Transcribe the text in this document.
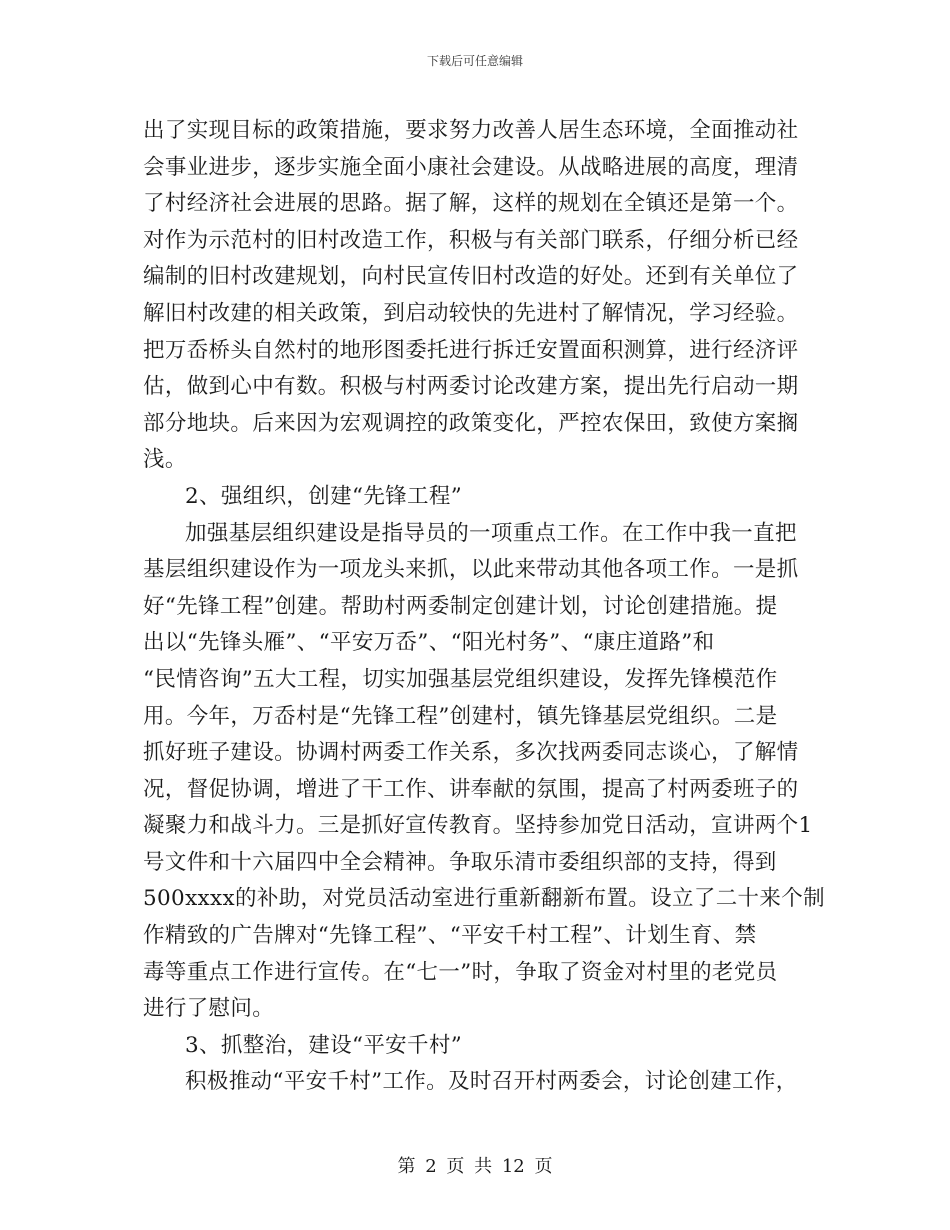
下载后可任意编辑
出了实现目标的政策措施，要求努力改善人居生态环境，全面推动社
会事业进步，逐步实施全面小康社会建设。从战略进展的高度，理清
了村经济社会进展的思路。据了解，这样的规划在全镇还是第一个。
对作为示范村的旧村改造工作，积极与有关部门联系，仔细分析已经
编制的旧村改建规划，向村民宣传旧村改造的好处。还到有关单位了
解旧村改建的相关政策，到启动较快的先进村了解情况，学习经验。
把万岙桥头自然村的地形图委托进行拆迁安置面积测算，进行经济评
估，做到心中有数。积极与村两委讨论改建方案，提出先行启动一期
部分地块。后来因为宏观调控的政策变化，严控农保田，致使方案搁
浅。
2、强组织，创建“先锋工程”
加强基层组织建设是指导员的一项重点工作。在工作中我一直把
基层组织建设作为一项龙头来抓，以此来带动其他各项工作。一是抓
好“先锋工程”创建。帮助村两委制定创建计划，讨论创建措施。提
出以“先锋头雁”、“平安万岙”、“阳光村务”、“康庄道路”和
“民情咨询”五大工程，切实加强基层党组织建设，发挥先锋模范作
用。今年，万岙村是“先锋工程”创建村，镇先锋基层党组织。二是
抓好班子建设。协调村两委工作关系，多次找两委同志谈心，了解情
况，督促协调，增进了干工作、讲奉献的氛围，提高了村两委班子的
凝聚力和战斗力。三是抓好宣传教育。坚持参加党日活动，宣讲两个1
号文件和十六届四中全会精神。争取乐清市委组织部的支持，得到
500xxxx的补助，对党员活动室进行重新翻新布置。设立了二十来个制
作精致的广告牌对“先锋工程”、“平安千村工程”、计划生育、禁
毒等重点工作进行宣传。在“七一”时，争取了资金对村里的老党员
进行了慰问。
3、抓整治，建设“平安千村”
积极推动“平安千村”工作。及时召开村两委会，讨论创建工作，
第 2 页 共 12 页
